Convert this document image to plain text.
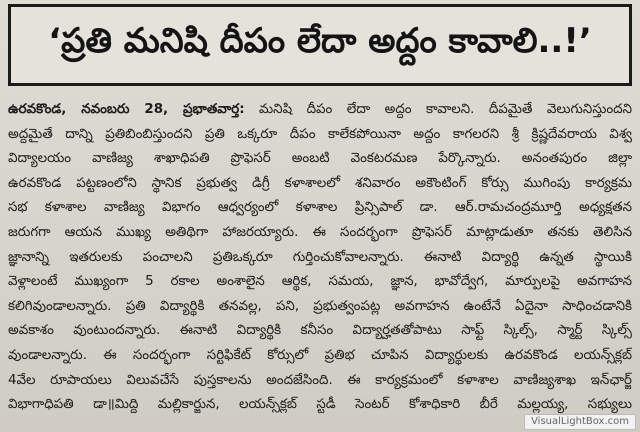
‘ప్రతి మనిషి దీపం లేదా అద్దం కావాలి..!’
ఉరవకొండ, నవంబరు 28, ప్రభాతవార్త: మనిషి దీపం లేదా అద్దం కావాలని. దీపమైతే వెలుగునిస్తుందని
అద్దమైతే దాన్ని ప్రతిబింబిస్తుందని ప్రతి ఒక్కరూ దీపం కాలేకపోయినా అద్దం కాగలరని శ్రీ క్రిష్ణదేవరాయ విశ్వ
విద్యాలయం వాణిజ్య శాఖాధిపతి ప్రొఫెసర్ అంబటి వెంకటరమణ పేర్కొన్నారు. అనంతపురం జిల్లా
ఉరవకొండ పట్టణంలోని స్థానిక ప్రభుత్వ డిగ్రీ కళాశాలలో శనివారం అకౌంటింగ్ కోర్సు ముగింపు కార్యక్రమ
సభ కళాశాల వాణిజ్య విభాగం ఆధ్వర్యంలో కళాశాల ప్రిన్సిపాల్ డా. ఆర్.రామచంద్రమూర్తి అధ్యక్షతన
జరుగగా ఆయన ముఖ్య అతిథిగా హాజరయ్యారు. ఈ సందర్భంగా ప్రొఫెసర్ మాట్లాడుతూ తనకు తెలిసిన
జ్ఞానాన్ని ఇతరులకు పంచాలని ప్రతిఒక్కరూ గుర్తించుకోవాలన్నారు. ఈనాటి విద్యార్థి ఉన్నత స్థాయికి
వెళ్లాలంటే ముఖ్యంగా 5 రకాల అంశాలైన ఆర్థిక, సమయ, జ్ఞాన, భావోద్వేగ, మార్పులపై అవగాహన
కలిగివుండాలన్నారు. ప్రతి విద్యార్థికి తనవల్ల, పని, ప్రభుత్వంపట్ల అవగాహన ఉంటేనే ఏదైనా సాధించడానికి
అవకాశం వుంటుందన్నారు. ఈనాటి విద్యార్థికి కనీసం విద్యార్హతతోపాటు సాఫ్ట్ స్కిల్స్, స్మార్ట్ స్కిల్స్
వుండాలన్నారు. ఈ సందర్భంగా సర్టిఫికేట్ కోర్సులో ప్రతిభ చూపిన విద్యార్థులకు ఉరవకొండ లయన్స్‌క్లబ్
4వేల రూపాయలు విలువచేసే పుస్తకాలను అందజేసింది. ఈ కార్యక్రమంలో కళాశాల వాణిజ్యశాఖ ఇన్‌ఛార్జ్
విభాగాధిపతి డా॥మిద్ది మల్లికార్జున, లయన్స్‌క్లబ్ స్టడీ సెంటర్ కోశాధికారి బీరే మల్లయ్య, సభ్యులు
VisualLightBox.com
